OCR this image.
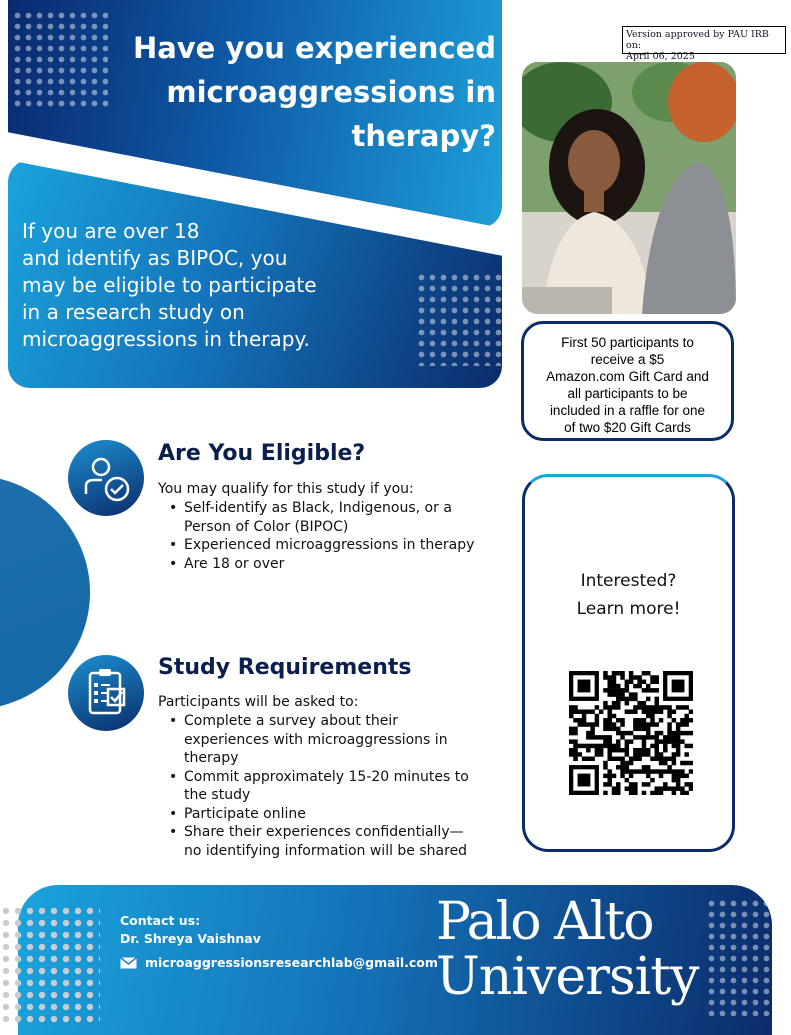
Have you experienced
microaggressions in
therapy?
If you are over 18
and identify as BIPOC, you
may be eligible to participate
in a research study on
microaggressions in therapy.
Version approved by PAU IRB on:
April 06, 2025
First 50 participants to
receive a $5
Amazon.com Gift Card and
all participants to be
included in a raffle for one
of two $20 Gift Cards
Are You Eligible?
You may qualify for this study if you:
• Self-identify as Black, Indigenous, or a
Person of Color (BIPOC)
• Experienced microaggressions in therapy
• Are 18 or over
Study Requirements
Participants will be asked to:
• Complete a survey about their
experiences with microaggressions in
therapy
• Commit approximately 15-20 minutes to
the study
• Participate online
• Share their experiences confidentially—
no identifying information will be shared
Interested?
Learn more!
Contact us:
Dr. Shreya Vaishnav
microaggressionsresearchlab@gmail.com
Palo Alto
University
